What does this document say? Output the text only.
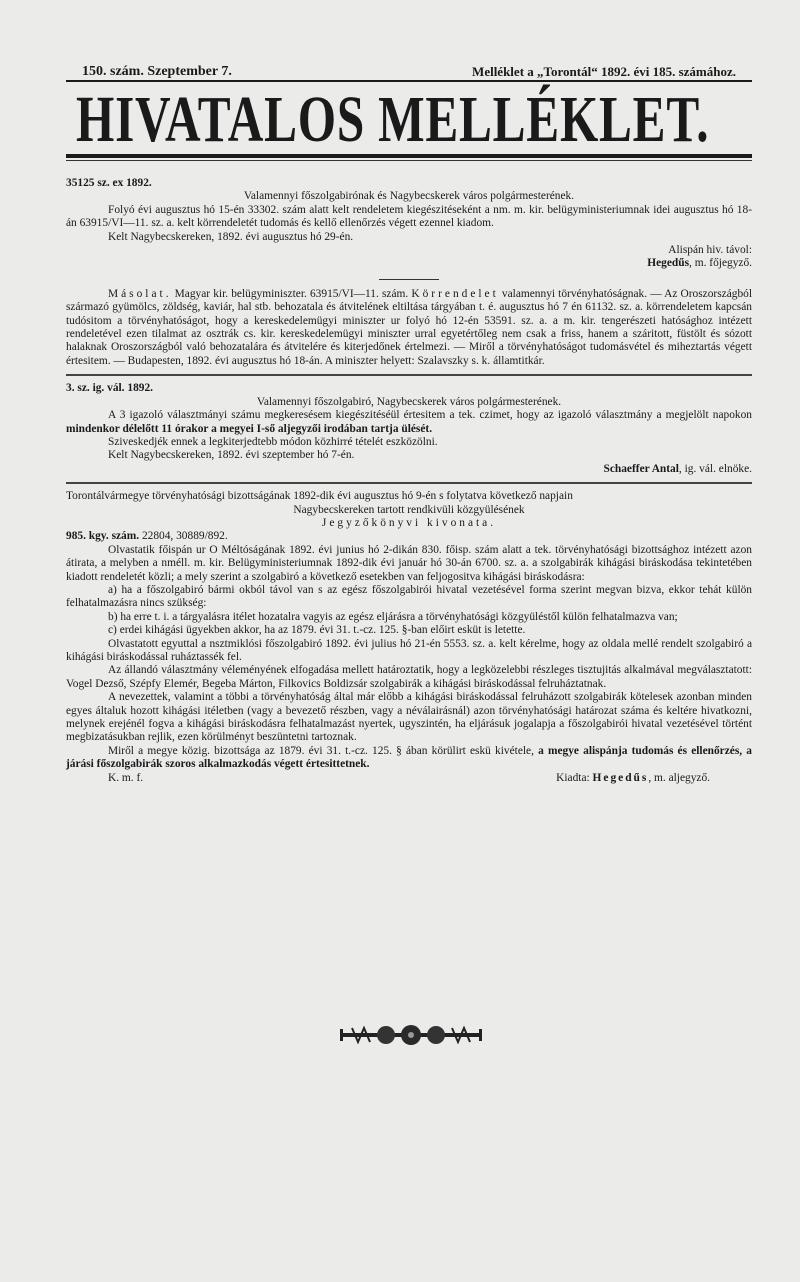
150. szám. Szeptember 7.	Melléklet a „Torontál“ 1892. évi 185. számához.
HIVATALOS MELLÉKLET.

35125 sz. ex 1892.

Valamennyi főszolgabirónak és Nagybecskerek város polgármesterének.

Folyó évi augusztus hó 15-én 33302. szám alatt kelt rendeletem kiegészitéseként a nm. m. kir. belügyministeriumnak idei augusztus hó 18-án 63915/VI—11. sz. a. kelt körrendeletét tudomás és kellő ellenőrzés végett ezennel kiadom.

Kelt Nagybecskereken, 1892. évi augusztus hó 29-én.

Alispán hiv. távol:

Hegedűs, m. főjegyző.

Másolat. Magyar kir. belügyminiszter. 63915/VI—11. szám. Körrendelet valamennyi törvényhatóságnak. — Az Oroszországból származó gyümölcs, zöldség, kaviár, hal stb. behozatala és átvitelének eltiltása tárgyában t. é. augusztus hó 7 én 61132. sz. a. körrendeletem kapcsán tudósitom a törvényhatóságot, hogy a kereskedelemügyi miniszter ur folyó hó 12-én 53591. sz. a. a m. kir. tengerészeti hatósághoz intézett rendeletével ezen tilalmat az osztrák cs. kir. kereskedelemügyi miniszter urral egyetértőleg nem csak a friss, hanem a száritott, füstölt és sózott halaknak Oroszországból való behozatalára és átvitelére és kiterjedőnek értelmezi. — Miről a törvényhatóságot tudomásvétel és miheztartás végett értesitem. — Budapesten, 1892. évi augusztus hó 18-án. A miniszter helyett: Szalavszky s. k. államtitkár.

3. sz. ig. vál. 1892.

Valamennyi főszolgabiró, Nagybecskerek város polgármesterének.

A 3 igazoló választmányi számu megkeresésem kiegészitéséül értesitem a tek. czimet, hogy az igazoló választmány a megjelölt napokon mindenkor délelőtt 11 órakor a megyei I-ső aljegyzői irodában tartja ülését.

Sziveskedjék ennek a legkiterjedtebb módon közhirré tételét eszközölni.

Kelt Nagybecskereken, 1892. évi szeptember hó 7-én.

Schaeffer Antal, ig. vál. elnöke.

Torontálvármegye törvényhatósági bizottságának 1892-dik évi augusztus hó 9-én s folytatva következő napjain

Nagybecskereken tartott rendkivüli közgyülésének

Jegyzőkönyvi kivonata.

985. kgy. szám. 22804, 30889/892.

Olvastatik főispán ur O Méltóságának 1892. évi junius hó 2-dikán 830. főisp. szám alatt a tek. törvényhatósági bizottsághoz intézett azon átirata, a melyben a nméll. m. kir. Belügyministeriumnak 1892-dik évi január hó 30-án 6700. sz. a. a szolgabirák kihágási biráskodása tekintetében kiadott rendeletét közli; a mely szerint a szolgabiró a következő esetekben van feljogositva kihágási biráskodásra:

a) ha a főszolgabiró bármi okból távol van s az egész főszolgabirói hivatal vezetésével forma szerint megvan bizva, ekkor tehát külön felhatalmazásra nincs szükség:

b) ha erre t. i. a tárgyalásra itélet hozatalra vagyis az egész eljárásra a törvényhatósági közgyüléstől külön felhatalmazva van;

c) erdei kihágási ügyekben akkor, ha az 1879. évi 31. t.-cz. 125. §-ban előirt esküt is letette.

Olvastatott egyuttal a nsztmiklósi főszolgabiró 1892. évi julius hó 21-én 5553. sz. a. kelt kérelme, hogy az oldala mellé rendelt szolgabiró a kihágási biráskodással ruháztassék fel.

Az állandó választmány véleményének elfogadása mellett határoztatik, hogy a legközelebbi részleges tisztujitás alkalmával megválasztatott: Vogel Dezső, Szépfy Elemér, Begeba Márton, Filkovics Boldizsár szolgabirák a kihágási biráskodással felruháztatnak.

A nevezettek, valamint a többi a törvényhatóság által már előbb a kihágási biráskodással felruházott szolgabirák kötelesek azonban minden egyes általuk hozott kihágási itéletben (vagy a bevezető részben, vagy a néválairásnál) azon törvényhatósági határozat száma és keltére hivatkozni, melynek erejénél fogva a kihágási biráskodásra felhatalmazást nyertek, ugyszintén, ha eljárásuk jogalapja a főszolgabirói hivatal vezetésével történt megbizatásukban rejlik, ezen körülményt beszüntetni tartoznak.

Miről a megye közig. bizottsága az 1879. évi 31. t.-cz. 125. § ában körülirt eskü kivétele, a megye alispánja tudomás és ellenőrzés, a járási főszolgabirák szoros alkalmazkodás végett értesittetnek.

K. m. f.	Kiadta: Hegedűs, m. aljegyző.
